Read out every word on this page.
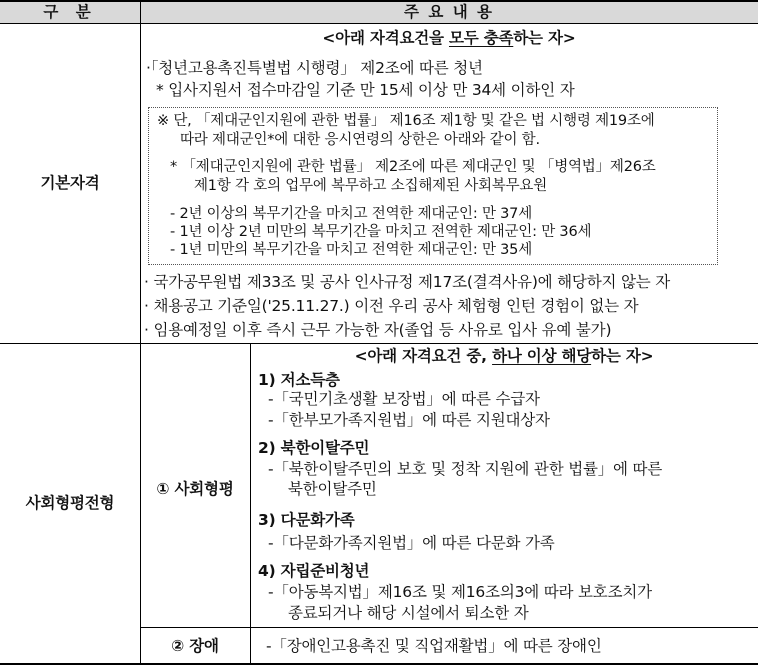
구 분	주 요 내 용
기본자격
<아래 자격요건을 모두 충족하는 자>
·「청년고용촉진특별법 시행령」 제2조에 따른 청년
* 입사지원서 접수마감일 기준 만 15세 이상 만 34세 이하인 자
※ 단, 「제대군인지원에 관한 법률」 제16조 제1항 및 같은 법 시행령 제19조에
따라 제대군인*에 대한 응시연령의 상한은 아래와 같이 함.
* 「제대군인지원에 관한 법률」 제2조에 따른 제대군인 및 「병역법」제26조
제1항 각 호의 업무에 복무하고 소집해제된 사회복무요원
- 2년 이상의 복무기간을 마치고 전역한 제대군인: 만 37세
- 1년 이상 2년 미만의 복무기간을 마치고 전역한 제대군인: 만 36세
- 1년 미만의 복무기간을 마치고 전역한 제대군인: 만 35세
· 국가공무원법 제33조 및 공사 인사규정 제17조(결격사유)에 해당하지 않는 자
· 채용공고 기준일('25.11.27.) 이전 우리 공사 체험형 인턴 경험이 없는 자
· 임용예정일 이후 즉시 근무 가능한 자(졸업 등 사유로 입사 유예 불가)
사회형평전형
① 사회형평
② 장애
<아래 자격요건 중, 하나 이상 해당하는 자>
1) 저소득층
-「국민기초생활 보장법」에 따른 수급자
-「한부모가족지원법」에 따른 지원대상자
2) 북한이탈주민
-「북한이탈주민의 보호 및 정착 지원에 관한 법률」에 따른
북한이탈주민
3) 다문화가족
-「다문화가족지원법」에 따른 다문화 가족
4) 자립준비청년
-「아동복지법」제16조 및 제16조의3에 따라 보호조치가
종료되거나 해당 시설에서 퇴소한 자
-「장애인고용촉진 및 직업재활법」에 따른 장애인
